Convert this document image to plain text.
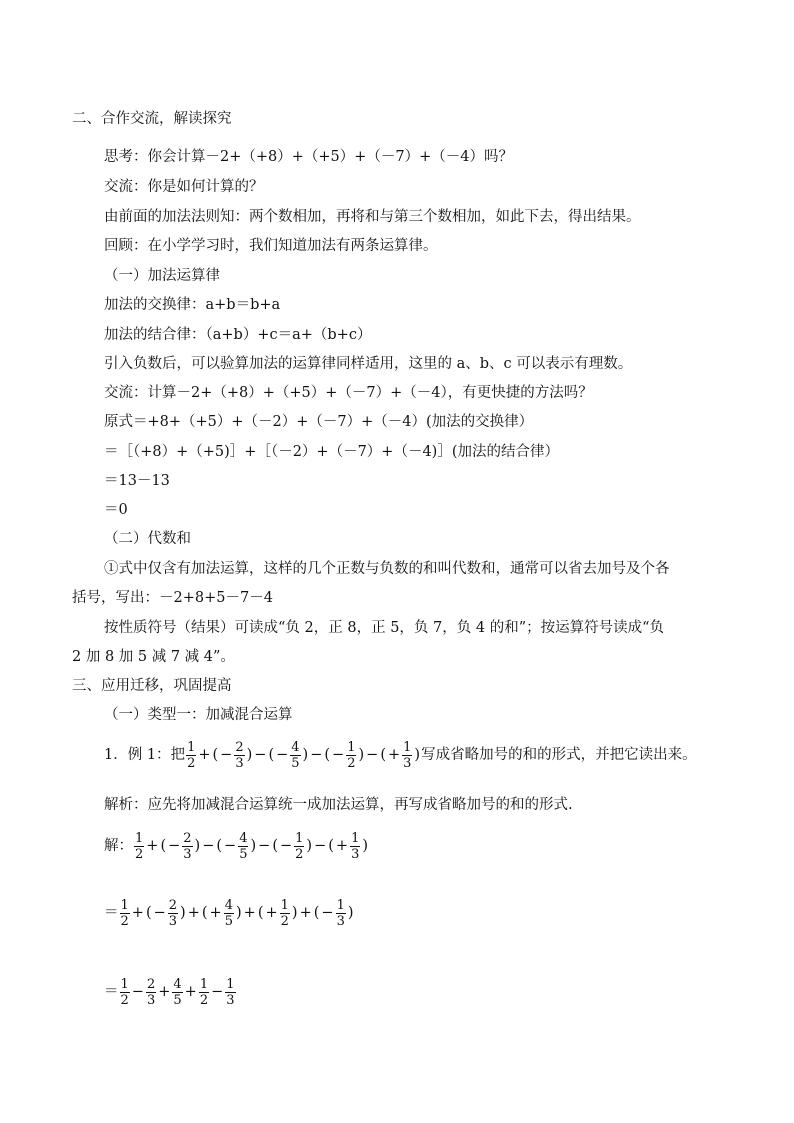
二、合作交流，解读探究
思考：你会计算－2+（+8）+（+5）+（－7）+（－4）吗？
交流：你是如何计算的？
由前面的加法法则知：两个数相加，再将和与第三个数相加，如此下去，得出结果。
回顾：在小学学习时，我们知道加法有两条运算律。
（一）加法运算律
加法的交换律：a+b＝b+a
加法的结合律：（a+b）+c＝a+（b+c）
引入负数后，可以验算加法的运算律同样适用，这里的 a、b、c 可以表示有理数。
交流：计算－2+（+8）+（+5）+（－7）+（－4），有更快捷的方法吗？
原式＝+8+（+5）+（－2）+（－7）+（－4）(加法的交换律）
＝［（+8）+（+5)］+［（－2）+（－7）+（－4)］(加法的结合律）
＝13－13
＝0
（二）代数和
①式中仅含有加法运算，这样的几个正数与负数的和叫代数和，通常可以省去加号及个各
括号，写出：－2+8+5－7－4
按性质符号（结果）可读成“负 2，正 8，正 5，负 7，负 4 的和”；按运算符号读成“负
2 加 8 加 5 减 7 减 4”。
三、应用迁移，巩固提高
（一）类型一：加减混合运算
1．例 1：把 $\frac{1}{2}$ + ( − $\frac{2}{3}$ ) − ( − $\frac{4}{5}$ ) − ( − $\frac{1}{2}$ ) − ( + $\frac{1}{3}$ ) 写成省略加号的和的形式，并把它读出来。
解析：应先将加减混合运算统一成加法运算，再写成省略加号的和的形式.
解： $\frac{1}{2}$ + ( − $\frac{2}{3}$ ) − ( − $\frac{4}{5}$ ) − ( − $\frac{1}{2}$ ) − ( + $\frac{1}{3}$ )
＝ $\frac{1}{2}$ + ( − $\frac{2}{3}$ ) + ( + $\frac{4}{5}$ ) + ( + $\frac{1}{2}$ ) + ( − $\frac{1}{3}$ )
＝ $\frac{1}{2} - \frac{2}{3} + \frac{4}{5} + \frac{1}{2} - \frac{1}{3}$
